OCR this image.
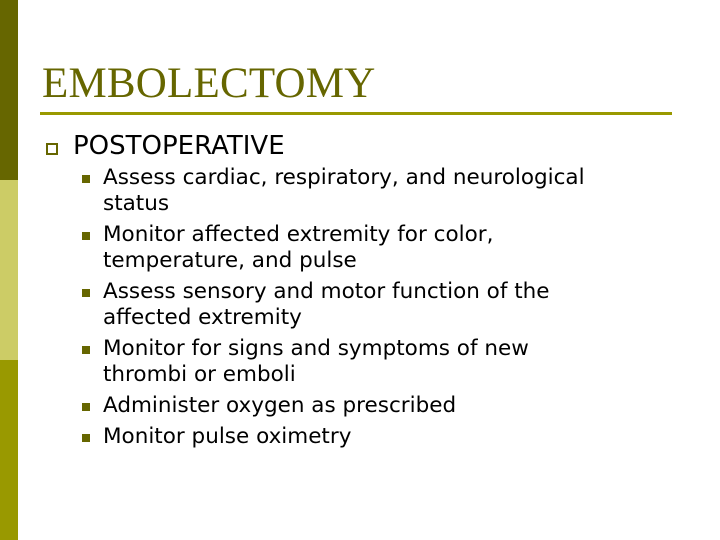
EMBOLECTOMY
POSTOPERATIVE
Assess cardiac, respiratory, and neurological
status
Monitor affected extremity for color,
temperature, and pulse
Assess sensory and motor function of the
affected extremity
Monitor for signs and symptoms of new
thrombi or emboli
Administer oxygen as prescribed
Monitor pulse oximetry
